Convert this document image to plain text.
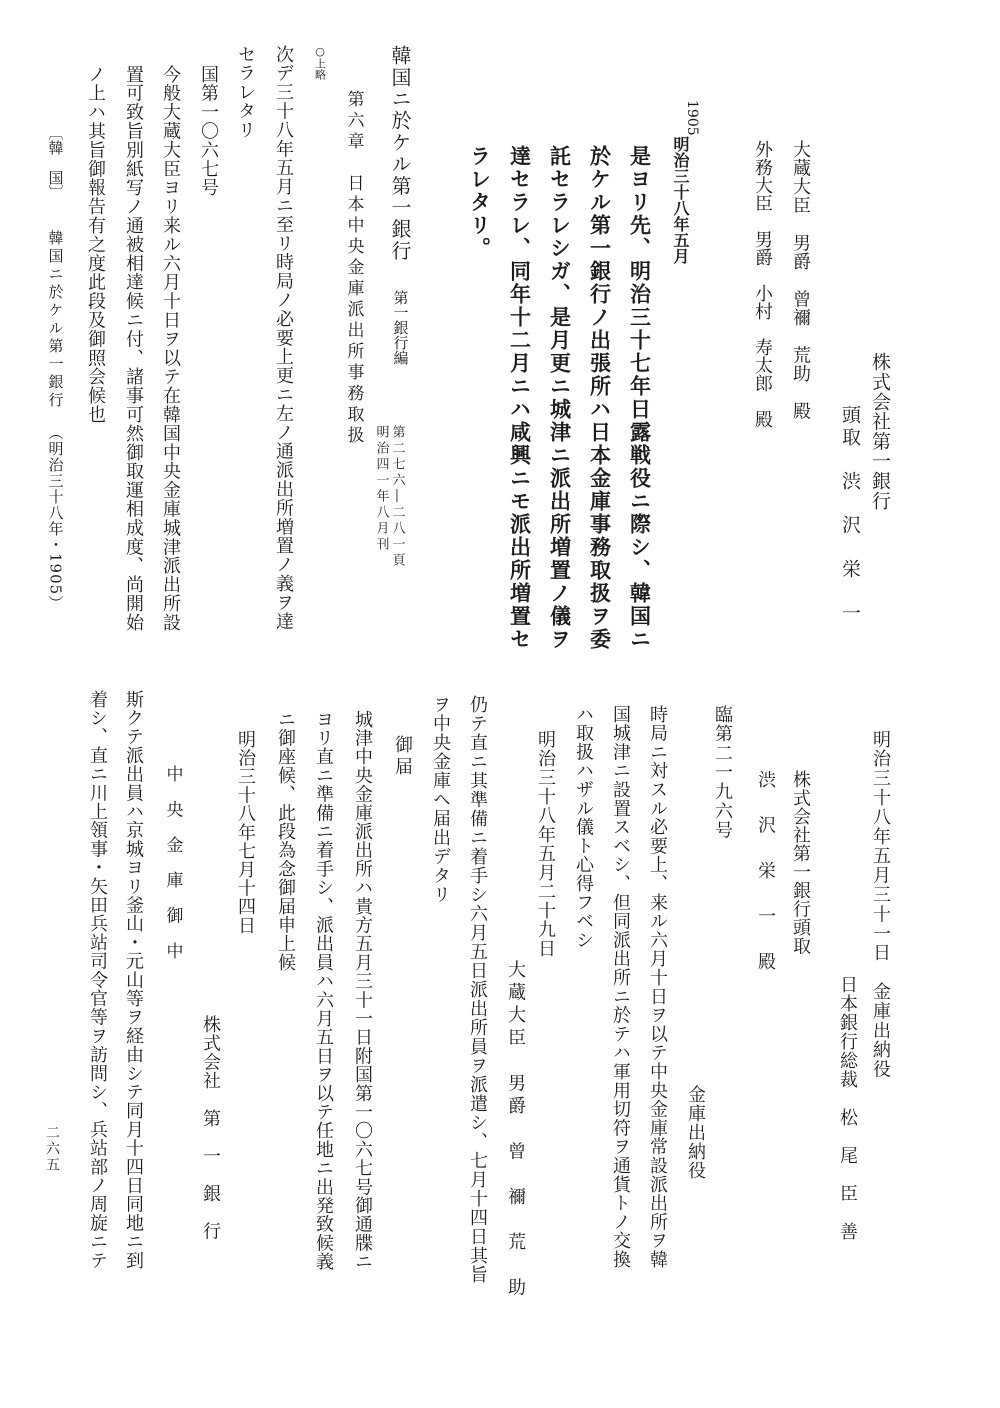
株式会社第一銀行
頭取　渋　沢　栄　一
大蔵大臣　男爵　曾禰　荒助　殿
外務大臣　男爵　小村　寿太郎　殿
1905
明治三十八年五月
是ヨリ先、明治三十七年日露戦役ニ際シ、韓国ニ
於ケル第一銀行ノ出張所ハ日本金庫事務取扱ヲ委
託セラレシガ、是月更ニ城津ニ派出所増置ノ儀ヲ
達セラレ、同年十二月ニハ咸興ニモ派出所増置セ
ラレタリ。
韓国ニ於ケル第一銀行
第一銀行編
第二七六―二八一頁
明治四一年八月刊
第六章　日本中央金庫派出所事務取扱
○上略
次デ三十八年五月ニ至リ時局ノ必要上更ニ左ノ通派出所増置ノ義ヲ達
セラレタリ
国第一〇六七号
今般大蔵大臣ヨリ来ル六月十日ヲ以テ在韓国中央金庫城津派出所設
置可致旨別紙写ノ通被相達候ニ付、諸事可然御取運相成度、尚開始
ノ上ハ其旨御報告有之度此段及御照会候也
〔韓　国〕
韓国ニ於ケル第一銀行
（明治三十八年・1905）
明治三十八年五月三十一日　金庫出納役
日本銀行総裁　松　尾　臣　善
株式会社第一銀行頭取
渋　沢　栄　一　殿
臨第二一九六号
金庫出納役
時局ニ対スル必要上、来ル六月十日ヲ以テ中央金庫常設派出所ヲ韓
国城津ニ設置スベシ、但同派出所ニ於テハ軍用切符ヲ通貨トノ交換
ハ取扱ハザル儀ト心得フベシ
明治三十八年五月二十九日
大蔵大臣　男爵　曾　禰　荒　助
仍テ直ニ其準備ニ着手シ六月五日派出所員ヲ派遣シ、七月十四日其旨
ヲ中央金庫ヘ届出デタリ
御届
城津中央金庫派出所ハ貴方五月三十一日附国第一〇六七号御通牒ニ
ヨリ直ニ準備ニ着手シ、派出員ハ六月五日ヲ以テ任地ニ出発致候義
ニ御座候、此段為念御届申上候
明治三十八年七月十四日
株式会社　第　一　銀　行
中　央　金　庫　御　中
斯クテ派出員ハ京城ヨリ釜山・元山等ヲ経由シテ同月十四日同地ニ到
着シ、直ニ川上領事・矢田兵站司令官等ヲ訪問シ、兵站部ノ周旋ニテ
二六五
